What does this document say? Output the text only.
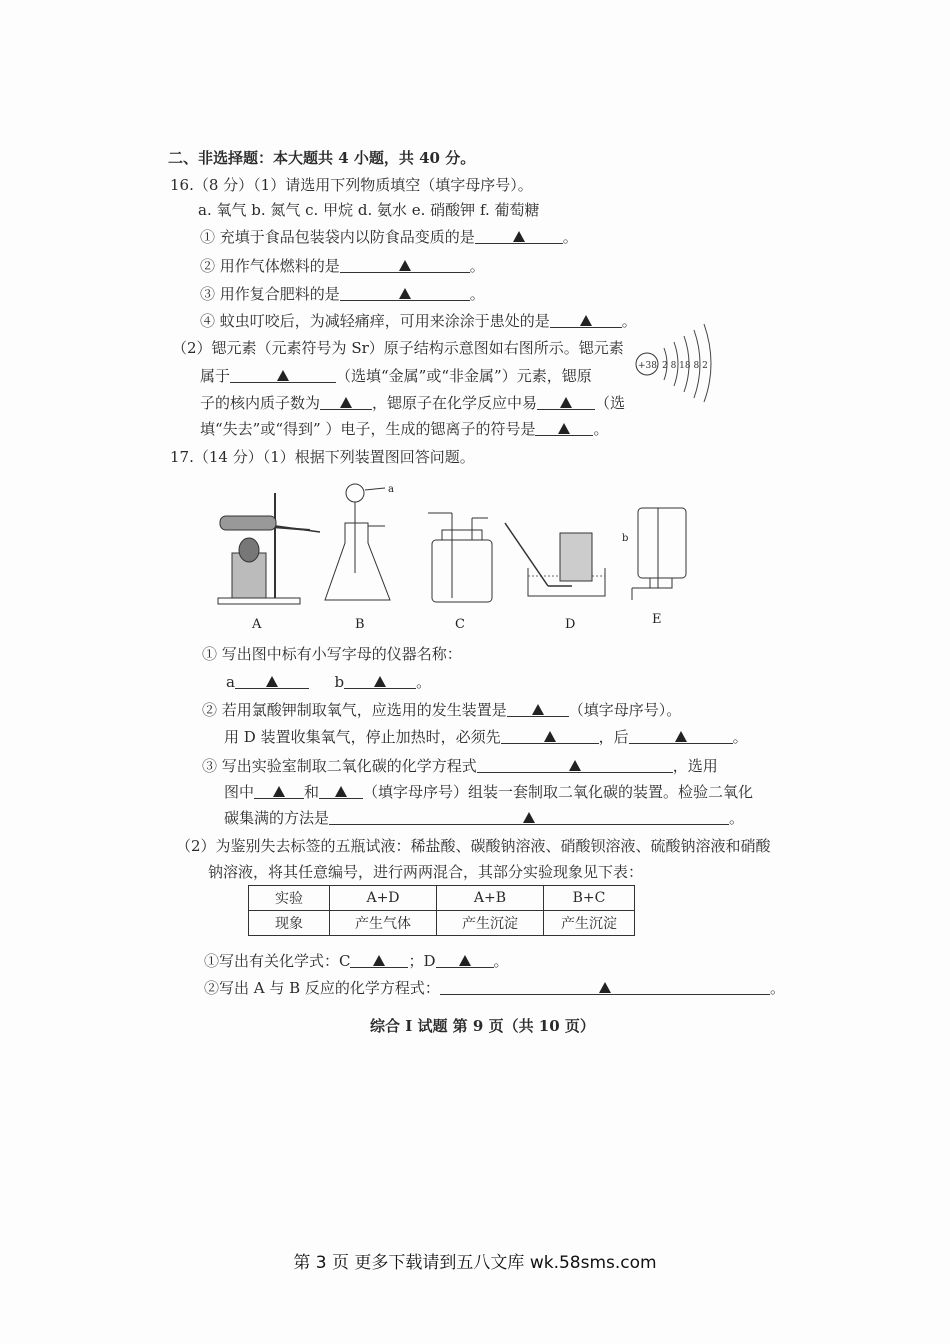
二、非选择题：本大题共 4 小题，共 40 分。
16.（8 分）（1）请选用下列物质填空（填字母序号）。
a. 氧气 b. 氮气 c. 甲烷 d. 氨水 e. 硝酸钾 f. 葡萄糖
① 充填于食品包装袋内以防食品变质的是	。
② 用作气体燃料的是	。
③ 用作复合肥料的是	。
④ 蚊虫叮咬后，为减轻痛痒，可用来涂涂于患处的是	。
（2）锶元素（元素符号为 Sr）原子结构示意图如右图所示。锶元素
属于	（选填“金属”或“非金属”）元素，锶原
子的核内质子数为	，锶原子在化学反应中易	（选
填“失去”或“得到” ）电子，生成的锶离子的符号是	。
+38 2 8 18 8 2
17.（14 分）（1）根据下列装置图回答问题。
A
a
B	C	D
b
E
① 写出图中标有小写字母的仪器名称：
a	b	。
② 若用氯酸钾制取氧气，应选用的发生装置是	（填字母序号）。
用 D 装置收集氧气，停止加热时，必须先	，后	。
③ 写出实验室制取二氧化碳的化学方程式	，选用
图中	和	（填字母序号）组装一套制取二氧化碳的装置。检验二氧化
碳集满的方法是	。
（2）为鉴别失去标签的五瓶试液：稀盐酸、碳酸钠溶液、硝酸钡溶液、硫酸钠溶液和硝酸
钠溶液，将其任意编号，进行两两混合，其部分实验现象见下表：
实验	A+D	A+B	B+C
现象	产生气体	产生沉淀	产生沉淀
①写出有关化学式：C	；D	。
②写出 A 与 B 反应的化学方程式：	。
综合 I 试题 第 9 页（共 10 页）
第 3 页 更多下载请到五八文库 wk.58sms.com
